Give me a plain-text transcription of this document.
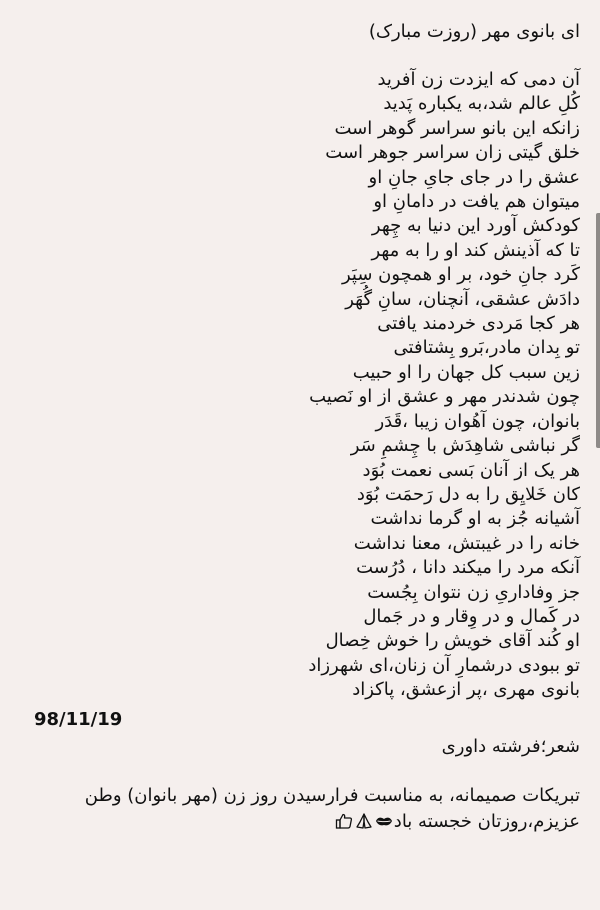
ای بانوی مهر (روزت مبارک)
آن دمی که ایزدت زن آفرید
کُلِ عالم شد،به یکباره پَدید
زانکه این بانو سراسر گوهر است
خلق گیتی زان سراسر جوهر است
عشق را در جای جایِ جانِ او
میتوان هم یافت در دامانِ او
کودکش آورد این دنیا به چِهر
تا که آذینش کند او را به مهر
کَرد جانِ خود، بر او همچون سِپَر
دادَش عشقی، آنچنان، سانِ گُهَر
هر کجا مَردی خردمند یافتی
تو بِدان مادر،بَرو بِشتافتی
زین سبب کل جهان را او حبیب
چون شدندر مهر و عشق از او نَصیب
بانوان، چون آهُوان زیبا ،قَدَر
گر نباشی شاهِدَش با چِشمِ سَر
هر یک از آنان بَسی نعمت بُوَد
کان خَلایِق را به دل رَحمَت بُوَد
آشیانه جُز به او گرما نداشت
خانه را در غیبتش، معنا نداشت
آنکه مرد را میکند دانا ، دُرُست
جز وفاداریِ زن نتوان بِجُست
در کَمال و در وِقار و در جَمال
او کُند آقای خویش را خوش خِصال
تو ببودی درشمارِ آن زنان،ای شهرزاد
بانوی مهری ،پر ازعشق، پاکزاد
98/11/19
شعر؛فرشته داوری
تبریکات صمیمانه، به مناسبت فرارسیدن روز زن (مهر بانوان) وطن
عزیزم،روزتان خجسته باد
